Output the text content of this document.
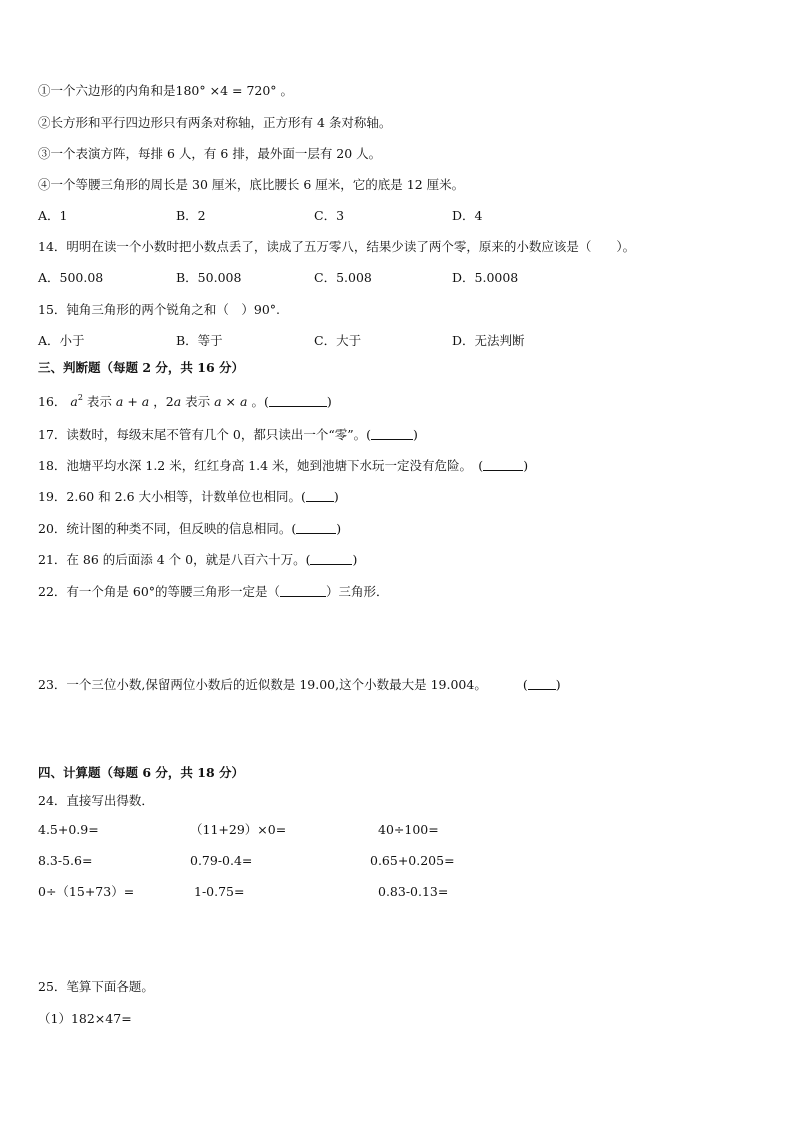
①一个六边形的内角和是180° ×4 = 720° 。
②长方形和平行四边形只有两条对称轴，正方形有 4 条对称轴。
③一个表演方阵，每排 6 人，有 6 排，最外面一层有 20 人。
④一个等腰三角形的周长是 30 厘米，底比腰长 6 厘米，它的底是 12 厘米。
A．1	B．2	C．3	D．4
14．明明在读一个小数时把小数点丢了，读成了五万零八，结果少读了两个零，原来的小数应该是（　　）。
A．500.08	B．50.008	C．5.008	D．5.0008
15．钝角三角形的两个锐角之和（　）90°.
A．小于	B．等于	C．大于	D．无法判断
三、判断题（每题 2 分，共 16 分）
16． $a^2$ 表示 a + a ，2a 表示 a × a 。(	)
17．读数时，每级末尾不管有几个 0，都只读出一个“零”。(	)
18．池塘平均水深 1.2 米，红红身高 1.4 米，她到池塘下水玩一定没有危险。　(	)
19．2.60 和 2.6 大小相等，计数单位也相同。( )
20．统计图的种类不同，但反映的信息相同。(	)
21．在 86 的后面添 4 个 0，就是八百六十万。(	)
22．有一个角是 60°的等腰三角形一定是（	）三角形．
23．一个三位小数,保留两位小数后的近似数是 19.00,这个小数最大是 19.004。	( )
四、计算题（每题 6 分，共 18 分）
24．直接写出得数．
4.5+0.9=	（11+29）×0=	40÷100=
8.3-5.6=	0.79-0.4=	0.65+0.205=
0÷（15+73）=	1-0.75=	0.83-0.13=
25．笔算下面各题。
（1）182×47=
